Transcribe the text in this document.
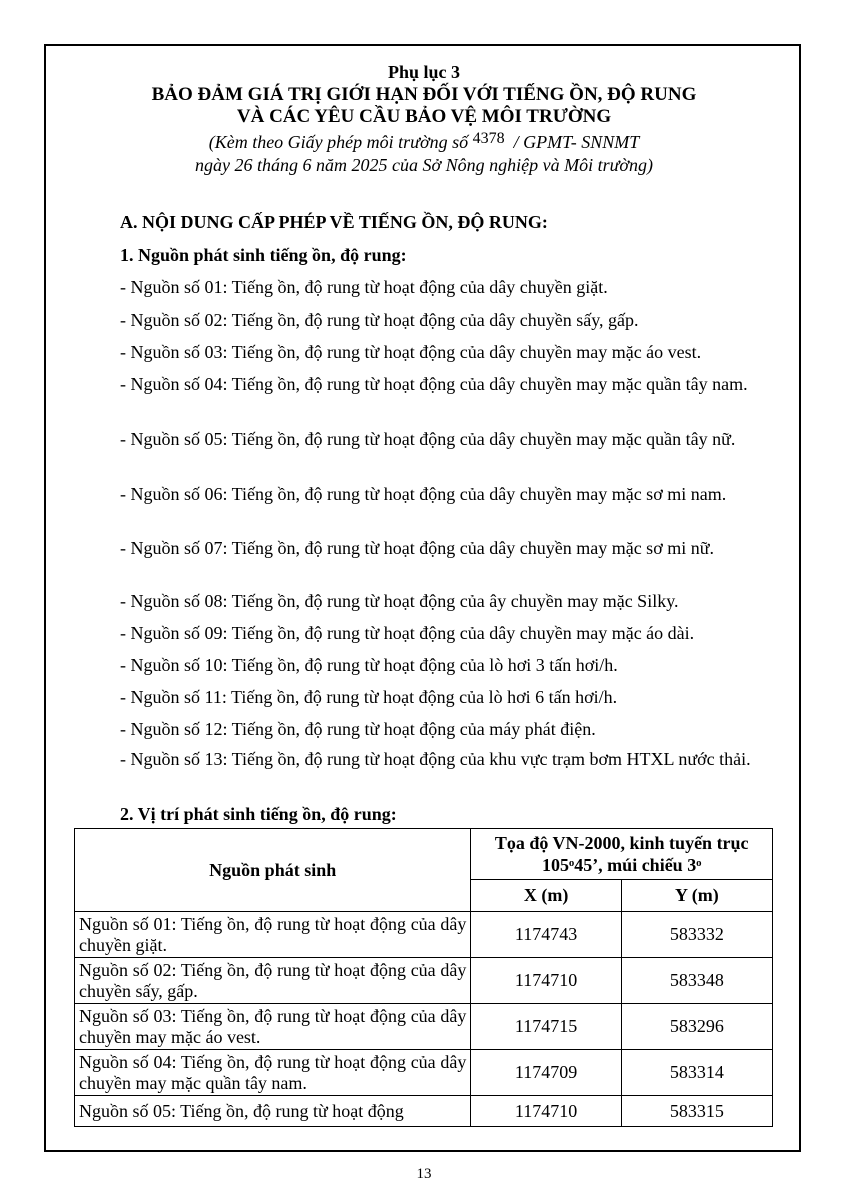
Phụ lục 3
BẢO ĐẢM GIÁ TRỊ GIỚI HẠN ĐỐI VỚI TIẾNG ỒN, ĐỘ RUNG
VÀ CÁC YÊU CẦU BẢO VỆ MÔI TRƯỜNG
(Kèm theo Giấy phép môi trường số 4378 / GPMT- SNNMT
ngày 26 tháng 6 năm 2025 của Sở Nông nghiệp và Môi trường)
A. NỘI DUNG CẤP PHÉP VỀ TIẾNG ỒN, ĐỘ RUNG:
1. Nguồn phát sinh tiếng ồn, độ rung:
- Nguồn số 01: Tiếng ồn, độ rung từ hoạt động của dây chuyền giặt.
- Nguồn số 02: Tiếng ồn, độ rung từ hoạt động của dây chuyền sấy, gấp.
- Nguồn số 03: Tiếng ồn, độ rung từ hoạt động của dây chuyền may mặc áo vest.
- Nguồn số 04: Tiếng ồn, độ rung từ hoạt động của dây chuyền may mặc quần tây nam.
- Nguồn số 05: Tiếng ồn, độ rung từ hoạt động của dây chuyền may mặc quần tây nữ.
- Nguồn số 06: Tiếng ồn, độ rung từ hoạt động của dây chuyền may mặc sơ mi nam.
- Nguồn số 07: Tiếng ồn, độ rung từ hoạt động của dây chuyền may mặc sơ mi nữ.
- Nguồn số 08: Tiếng ồn, độ rung từ hoạt động của ây chuyền may mặc Silky.
- Nguồn số 09: Tiếng ồn, độ rung từ hoạt động của dây chuyền may mặc áo dài.
- Nguồn số 10: Tiếng ồn, độ rung từ hoạt động của lò hơi 3 tấn hơi/h.
- Nguồn số 11: Tiếng ồn, độ rung từ hoạt động của lò hơi 6 tấn hơi/h.
- Nguồn số 12: Tiếng ồn, độ rung từ hoạt động của máy phát điện.
- Nguồn số 13: Tiếng ồn, độ rung từ hoạt động của khu vực trạm bơm HTXL nước thải.
2. Vị trí phát sinh tiếng ồn, độ rung:
Nguồn phát sinh	Tọa độ VN-2000, kinh tuyến trục
105ᵒ45’, múi chiếu 3ᵒ	
	X (m)	Y (m)
Nguồn số 01: Tiếng ồn, độ rung từ hoạt động của dây chuyền giặt.	1174743	583332
Nguồn số 02: Tiếng ồn, độ rung từ hoạt động của dây chuyền sấy, gấp.	1174710	583348
Nguồn số 03: Tiếng ồn, độ rung từ hoạt động của dây chuyền may mặc áo vest.	1174715	583296
Nguồn số 04: Tiếng ồn, độ rung từ hoạt động của dây chuyền may mặc quần tây nam.	1174709	583314
Nguồn số 05: Tiếng ồn, độ rung từ hoạt động	1174710	583315
13
